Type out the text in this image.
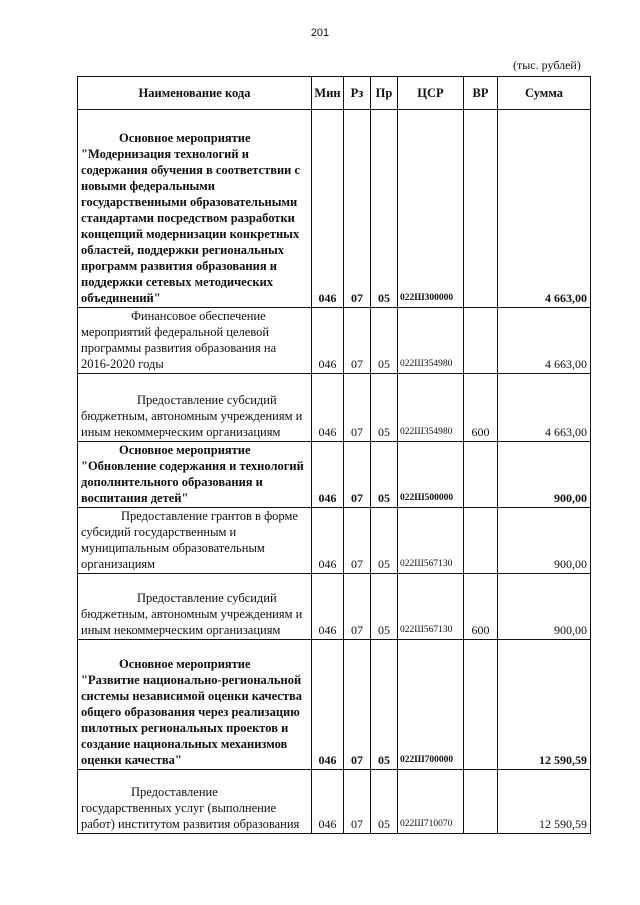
201
(тыс. рублей)
Наименование кода	Мин	Рз	Пр	ЦСР	ВР	Сумма
Основное мероприятие
"Модернизация технологий и содержания обучения в соответствии с новыми федеральными государственными образовательными стандартами посредством разработки концепций модернизации конкретных областей, поддержки региональных программ развития образования и поддержки сетевых методических объединений"	046	07	05	022Ш300000		4 663,00
Финансовое обеспечение
мероприятий федеральной целевой программы развития образования на 2016-2020 годы	046	07	05	022Ш354980		4 663,00
Предоставление субсидий
бюджетным, автономным учреждениям и иным некоммерческим организациям	046	07	05	022Ш354980	600	4 663,00
Основное мероприятие
"Обновление содержания и технологий дополнительного образования и воспитания детей"	046	07	05	022Ш500000		900,00
Предоставление грантов в форме
субсидий государственным и муниципальным образовательным организациям	046	07	05	022Ш567130		900,00
Предоставление субсидий
бюджетным, автономным учреждениям и иным некоммерческим организациям	046	07	05	022Ш567130	600	900,00
Основное мероприятие
"Развитие национально-региональной системы независимой оценки качества общего образования через реализацию пилотных региональных проектов и создание национальных механизмов оценки качества"	046	07	05	022Ш700000		12 590,59
Предоставление
государственных услуг (выполнение работ) институтом развития образования	046	07	05	022Ш710070		12 590,59
